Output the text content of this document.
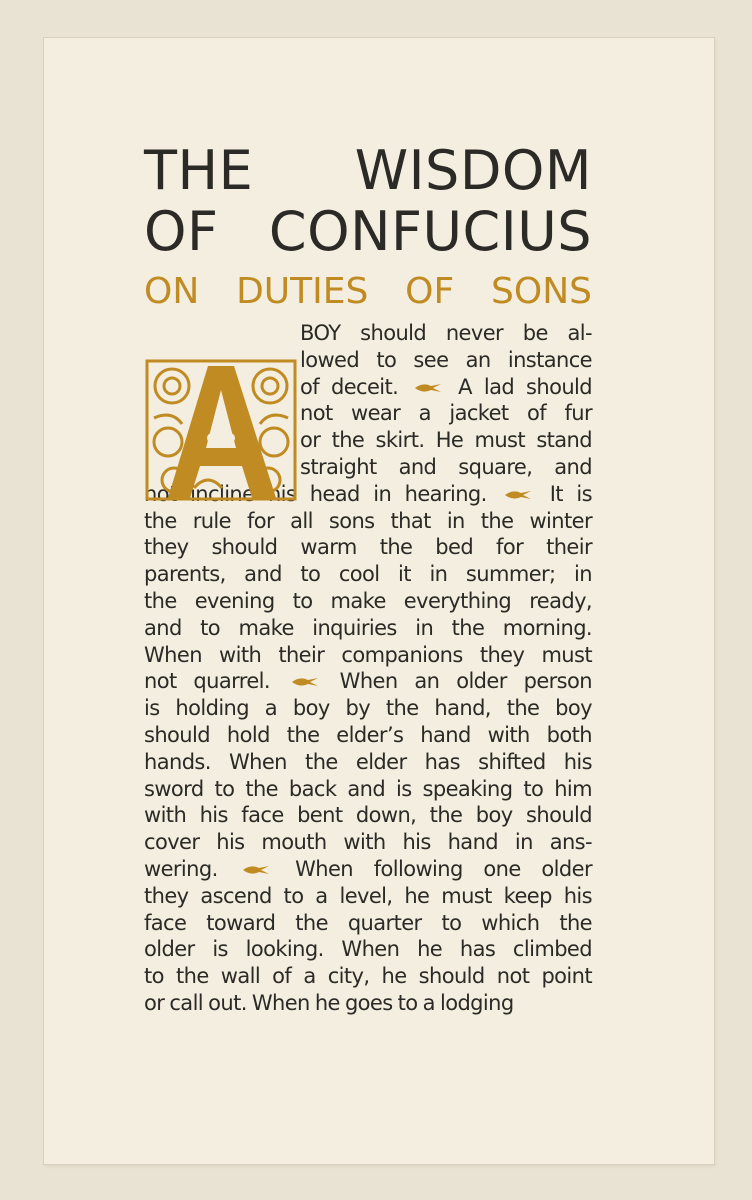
THE WISDOM
OF CONFUCIUS
ON DUTIES OF SONS
BOY should never be al-
lowed to see an instance
of deceit.  A lad should
not wear a jacket of fur
or the skirt. He must stand
straight and square, and
not incline his head in hearing.  It is
the rule for all sons that in the winter
they should warm the bed for their
parents, and to cool it in summer; in
the evening to make everything ready,
and to make inquiries in the morning.
When with their companions they must
not quarrel.  When an older person
is holding a boy by the hand, the boy
should hold the elder’s hand with both
hands. When the elder has shifted his
sword to the back and is speaking to him
with his face bent down, the boy should
cover his mouth with his hand in ans-
wering.  When following one older
they ascend to a level, he must keep his
face toward the quarter to which the
older is looking. When he has climbed
to the wall of a city, he should not point
or call out. When he goes to a lodging
